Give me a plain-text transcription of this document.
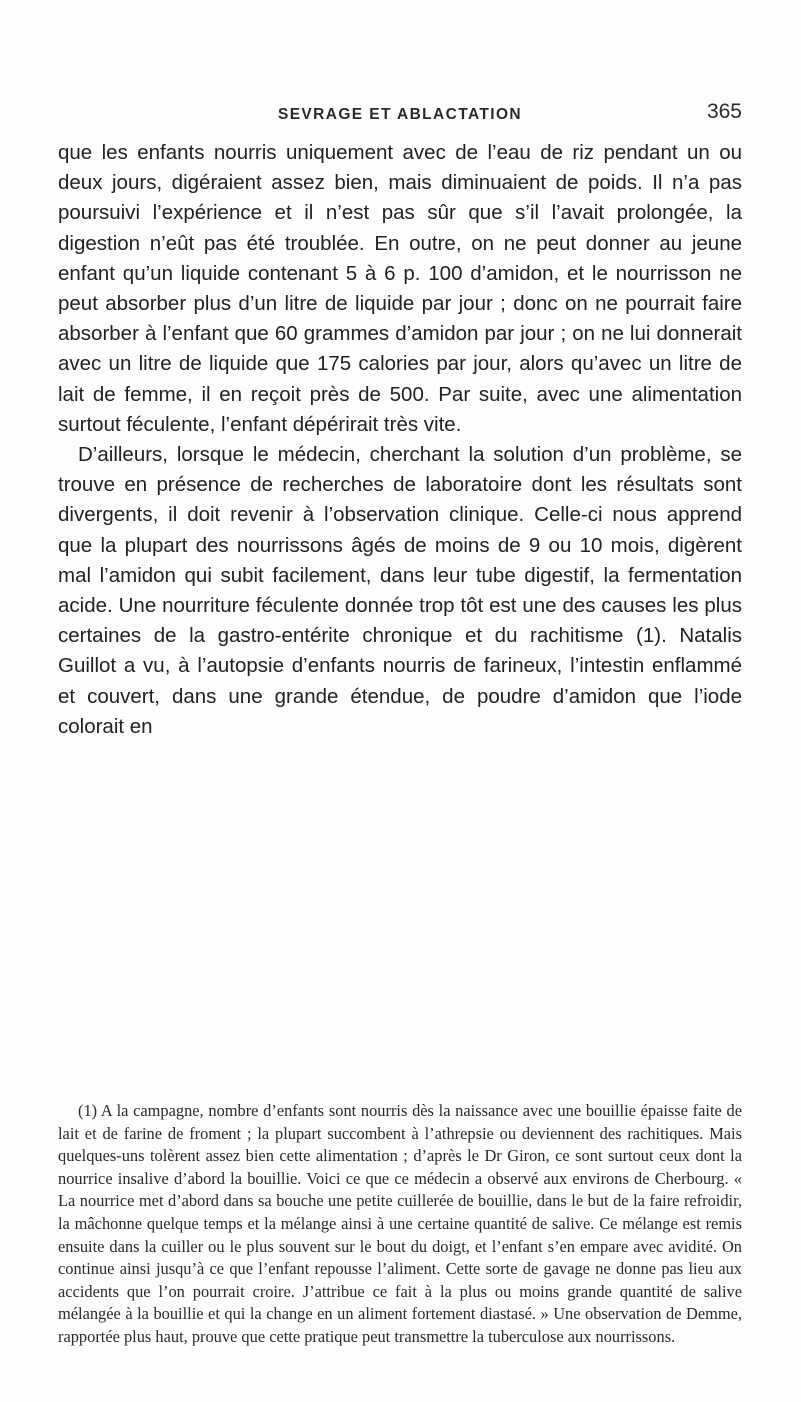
SEVRAGE ET ABLACTATION	365

que les enfants nourris uniquement avec de l’eau de riz pendant un ou deux jours, digéraient assez bien, mais diminuaient de poids. Il n’a pas poursuivi l’expérience et il n’est pas sûr que s’il l’avait prolongée, la digestion n’eût pas été troublée. En outre, on ne peut donner au jeune enfant qu’un liquide contenant 5 à 6 p. 100 d’amidon, et le nourrisson ne peut absorber plus d’un litre de liquide par jour ; donc on ne pourrait faire absorber à l’enfant que 60 grammes d’amidon par jour ; on ne lui donnerait avec un litre de liquide que 175 calories par jour, alors qu’avec un litre de lait de femme, il en reçoit près de 500. Par suite, avec une alimentation surtout féculente, l’enfant dépérirait très vite.

D’ailleurs, lorsque le médecin, cherchant la solution d’un problème, se trouve en présence de recherches de laboratoire dont les résultats sont divergents, il doit revenir à l’observation clinique. Celle-ci nous apprend que la plupart des nourrissons âgés de moins de 9 ou 10 mois, digèrent mal l’amidon qui subit facilement, dans leur tube digestif, la fermentation acide. Une nourriture féculente donnée trop tôt est une des causes les plus certaines de la gastro-entérite chronique et du rachitisme (1). Natalis Guillot a vu, à l’autopsie d’enfants nourris de farineux, l’intestin enflammé et couvert, dans une grande étendue, de poudre d’amidon que l’iode colorait en

(1) A la campagne, nombre d’enfants sont nourris dès la naissance avec une bouillie épaisse faite de lait et de farine de froment ; la plupart succombent à l’athrepsie ou deviennent des rachitiques. Mais quelques-uns tolèrent assez bien cette alimentation ; d’après le Dr Giron, ce sont surtout ceux dont la nourrice insalive d’abord la bouillie. Voici ce que ce médecin a observé aux environs de Cherbourg. « La nourrice met d’abord dans sa bouche une petite cuillerée de bouillie, dans le but de la faire refroidir, la mâchonne quelque temps et la mélange ainsi à une certaine quantité de salive. Ce mélange est remis ensuite dans la cuiller ou le plus souvent sur le bout du doigt, et l’enfant s’en empare avec avidité. On continue ainsi jusqu’à ce que l’enfant repousse l’aliment. Cette sorte de gavage ne donne pas lieu aux accidents que l’on pourrait croire. J’attribue ce fait à la plus ou moins grande quantité de salive mélangée à la bouillie et qui la change en un aliment fortement diastasé. » Une observation de Demme, rapportée plus haut, prouve que cette pratique peut transmettre la tuberculose aux nourrissons.
